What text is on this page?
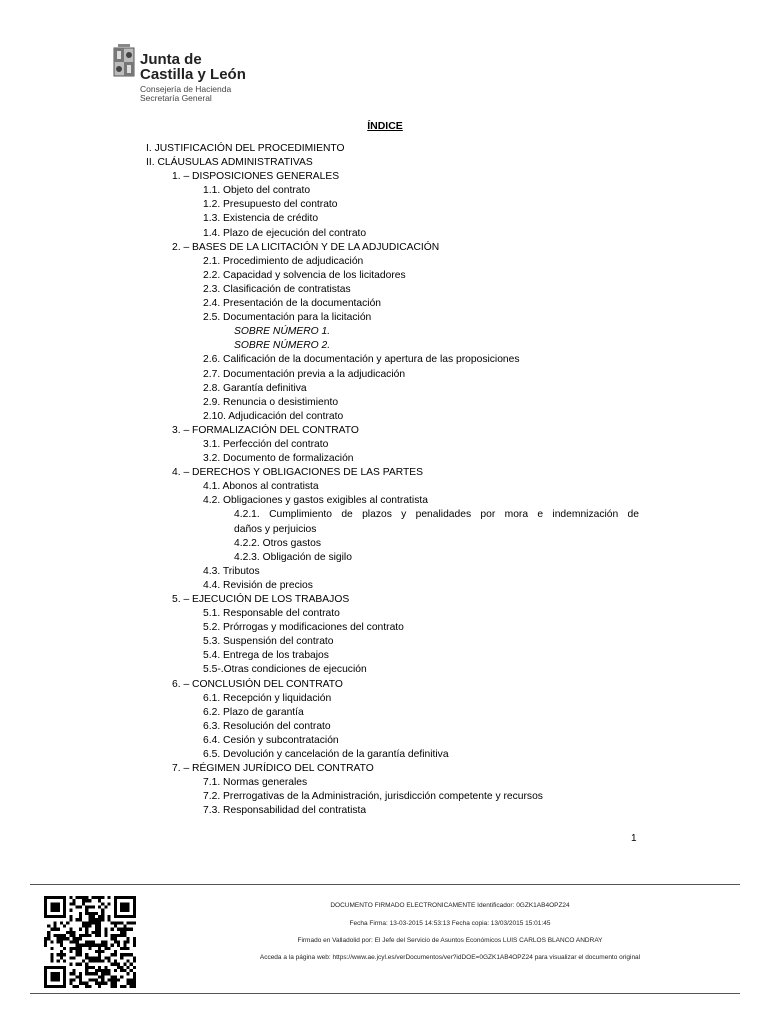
Junta de
Castilla y León
Consejería de Hacienda
Secretaría General
ÍNDICE
I. JUSTIFICACIÓN DEL PROCEDIMIENTO
II. CLÁUSULAS ADMINISTRATIVAS
1. – DISPOSICIONES GENERALES
1.1. Objeto del contrato
1.2. Presupuesto del contrato
1.3. Existencia de crédito
1.4. Plazo de ejecución del contrato
2. – BASES DE LA LICITACIÓN Y DE LA ADJUDICACIÓN
2.1. Procedimiento de adjudicación
2.2. Capacidad y solvencia de los licitadores
2.3. Clasificación de contratistas
2.4. Presentación de la documentación
2.5. Documentación para la licitación
SOBRE NÚMERO 1.
SOBRE NÚMERO 2.
2.6. Calificación de la documentación y apertura de las proposiciones
2.7. Documentación previa a la adjudicación
2.8. Garantía definitiva
2.9. Renuncia o desistimiento
2.10. Adjudicación del contrato
3. – FORMALIZACIÓN DEL CONTRATO
3.1. Perfección del contrato
3.2. Documento de formalización
4. – DERECHOS Y OBLIGACIONES DE LAS PARTES
4.1. Abonos al contratista
4.2. Obligaciones y gastos exigibles al contratista
4.2.1. Cumplimiento de plazos y penalidades por mora e indemnización de
daños y perjuicios
4.2.2. Otros gastos
4.2.3. Obligación de sigilo
4.3. Tributos
4.4. Revisión de precios
5. – EJECUCIÓN DE LOS TRABAJOS
5.1. Responsable del contrato
5.2. Prórrogas y modificaciones del contrato
5.3. Suspensión del contrato
5.4. Entrega de los trabajos
5.5-.Otras condiciones de ejecución
6. – CONCLUSIÓN DEL CONTRATO
6.1. Recepción y liquidación
6.2. Plazo de garantía
6.3. Resolución del contrato
6.4. Cesión y subcontratación
6.5. Devolución y cancelación de la garantía definitiva
7. – RÉGIMEN JURÍDICO DEL CONTRATO
7.1. Normas generales
7.2. Prerrogativas de la Administración, jurisdicción competente y recursos
7.3. Responsabilidad del contratista
1
DOCUMENTO FIRMADO ELECTRONICAMENTE Identificador: 0GZK1AB4OPZ24
Fecha Firma: 13-03-2015 14:53:13 Fecha copia: 13/03/2015 15:01:45
Firmado en Valladolid por: El Jefe del Servicio de Asuntos Económicos LUIS CARLOS BLANCO ANDRAY
Acceda a la página web: https://www.ae.jcyl.es/verDocumentos/ver?idDOE=0GZK1AB4OPZ24 para visualizar el documento original
